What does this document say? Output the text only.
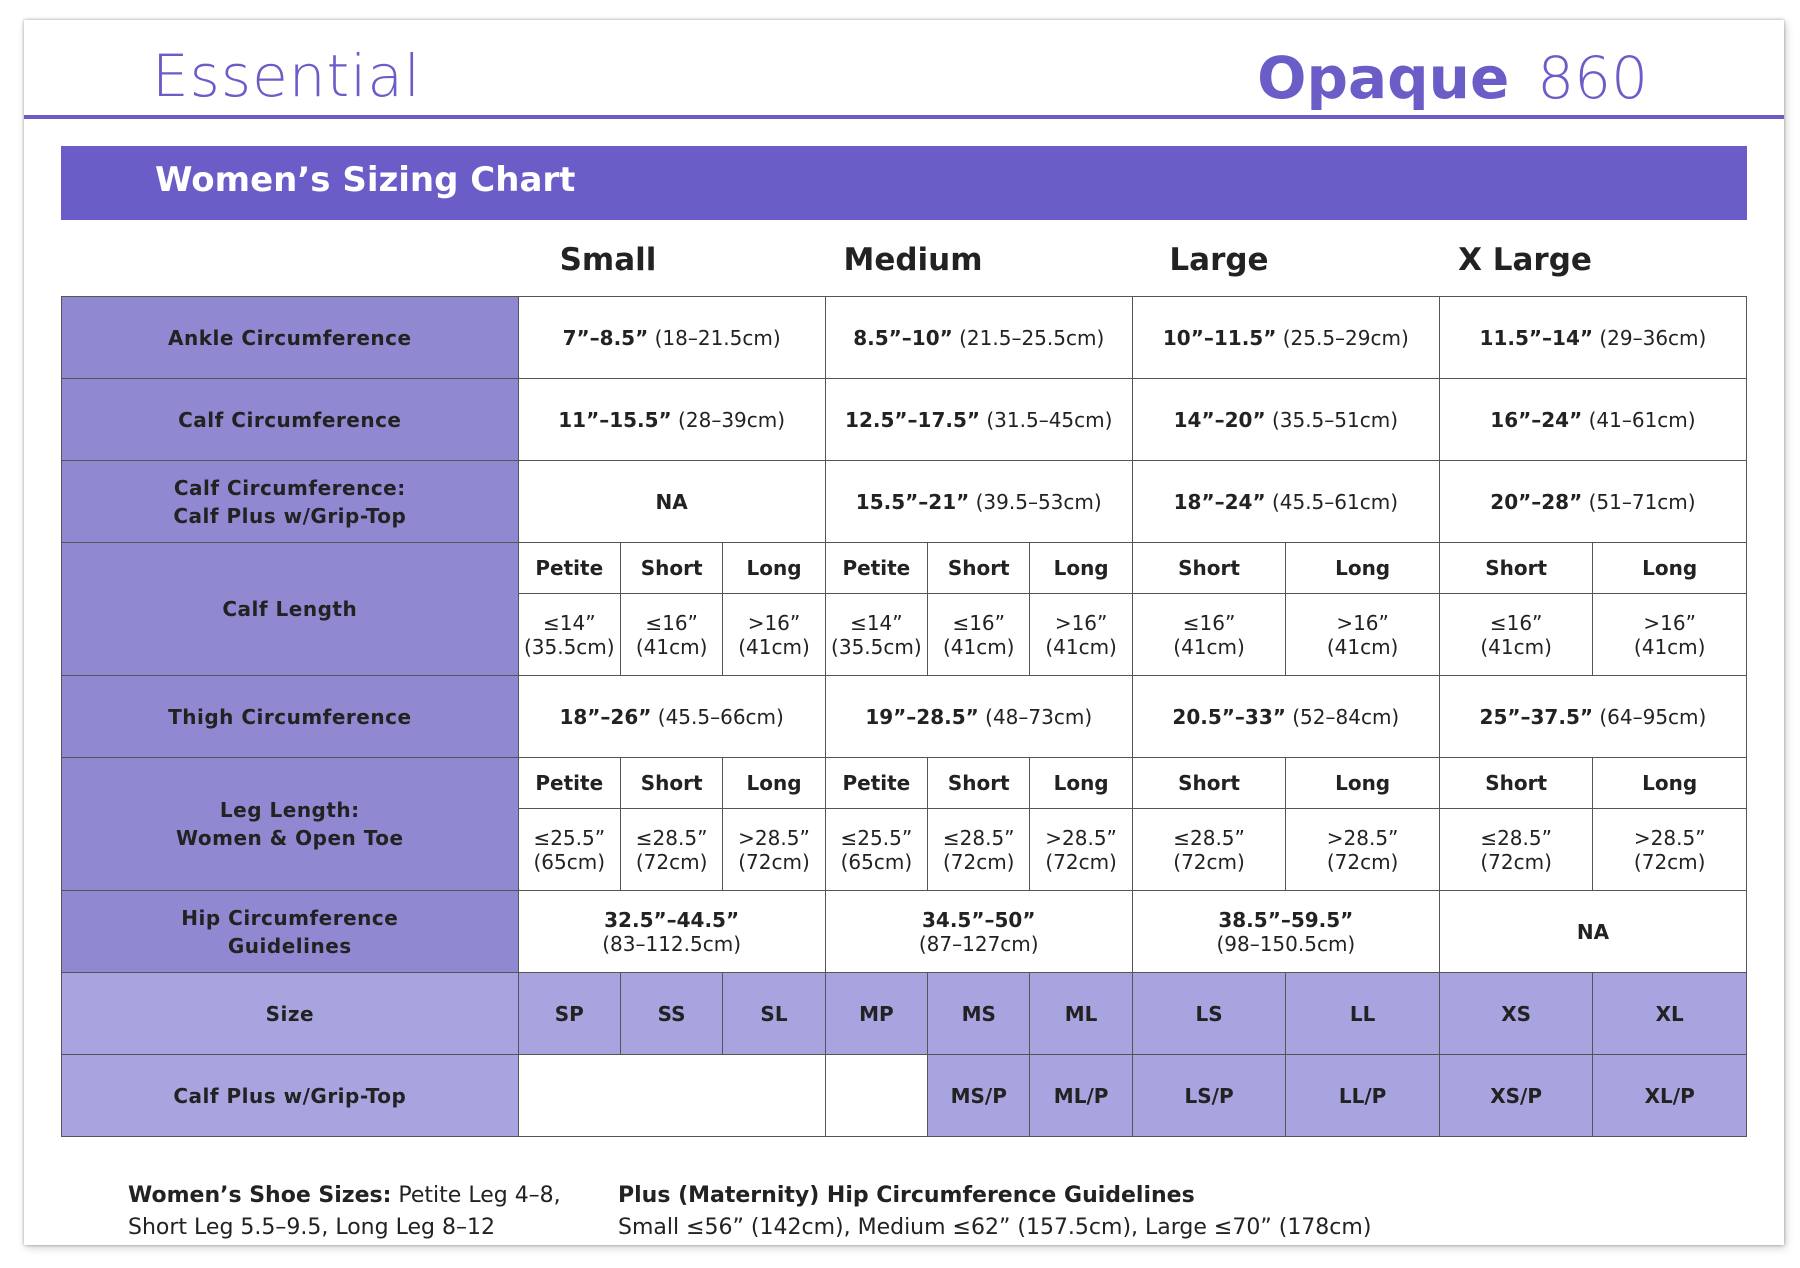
Essential	Opaque 860
Women’s Sizing Chart
Small	Medium	Large	X Large
Ankle Circumference	7”–8.5” (18–21.5cm)			8.5”–10” (21.5–25.5cm)			10”–11.5” (25.5–29cm)		11.5”–14” (29–36cm)	
Calf Circumference	11”–15.5” (28–39cm)			12.5”–17.5” (31.5–45cm)			14”–20” (35.5–51cm)		16”–24” (41–61cm)	
Calf Circumference:
Calf Plus w/Grip-Top	NA			15.5”–21” (39.5–53cm)			18”–24” (45.5–61cm)		20”–28” (51–71cm)	
Calf Length	Petite	Short	Long	Petite	Short	Long	Short	Long	Short	Long
	≤14”
(35.5cm)	≤16”
(41cm)	>16”
(41cm)	≤14”
(35.5cm)	≤16”
(41cm)	>16”
(41cm)	≤16”
(41cm)	>16”
(41cm)	≤16”
(41cm)	>16”
(41cm)
Thigh Circumference	18”–26” (45.5–66cm)			19”–28.5” (48–73cm)			20.5”–33” (52–84cm)		25”–37.5” (64–95cm)	
Leg Length:
Women & Open Toe	Petite	Short	Long	Petite	Short	Long	Short	Long	Short	Long
	≤25.5”
(65cm)	≤28.5”
(72cm)	>28.5”
(72cm)	≤25.5”
(65cm)	≤28.5”
(72cm)	>28.5”
(72cm)	≤28.5”
(72cm)	>28.5”
(72cm)	≤28.5”
(72cm)	>28.5”
(72cm)
Hip Circumference
Guidelines	32.5”–44.5”
(83–112.5cm)			34.5”–50”
(87–127cm)			38.5”–59.5”
(98–150.5cm)		NA	
Size	SP	SS	SL	MP	MS	ML	LS	LL	XS	XL
Calf Plus w/Grip-Top					MS/P	ML/P	LS/P	LL/P	XS/P	XL/P
Women’s Shoe Sizes: Petite Leg 4–8,
Short Leg 5.5–9.5, Long Leg 8–12
Plus (Maternity) Hip Circumference Guidelines
Small ≤56” (142cm), Medium ≤62” (157.5cm), Large ≤70” (178cm)
